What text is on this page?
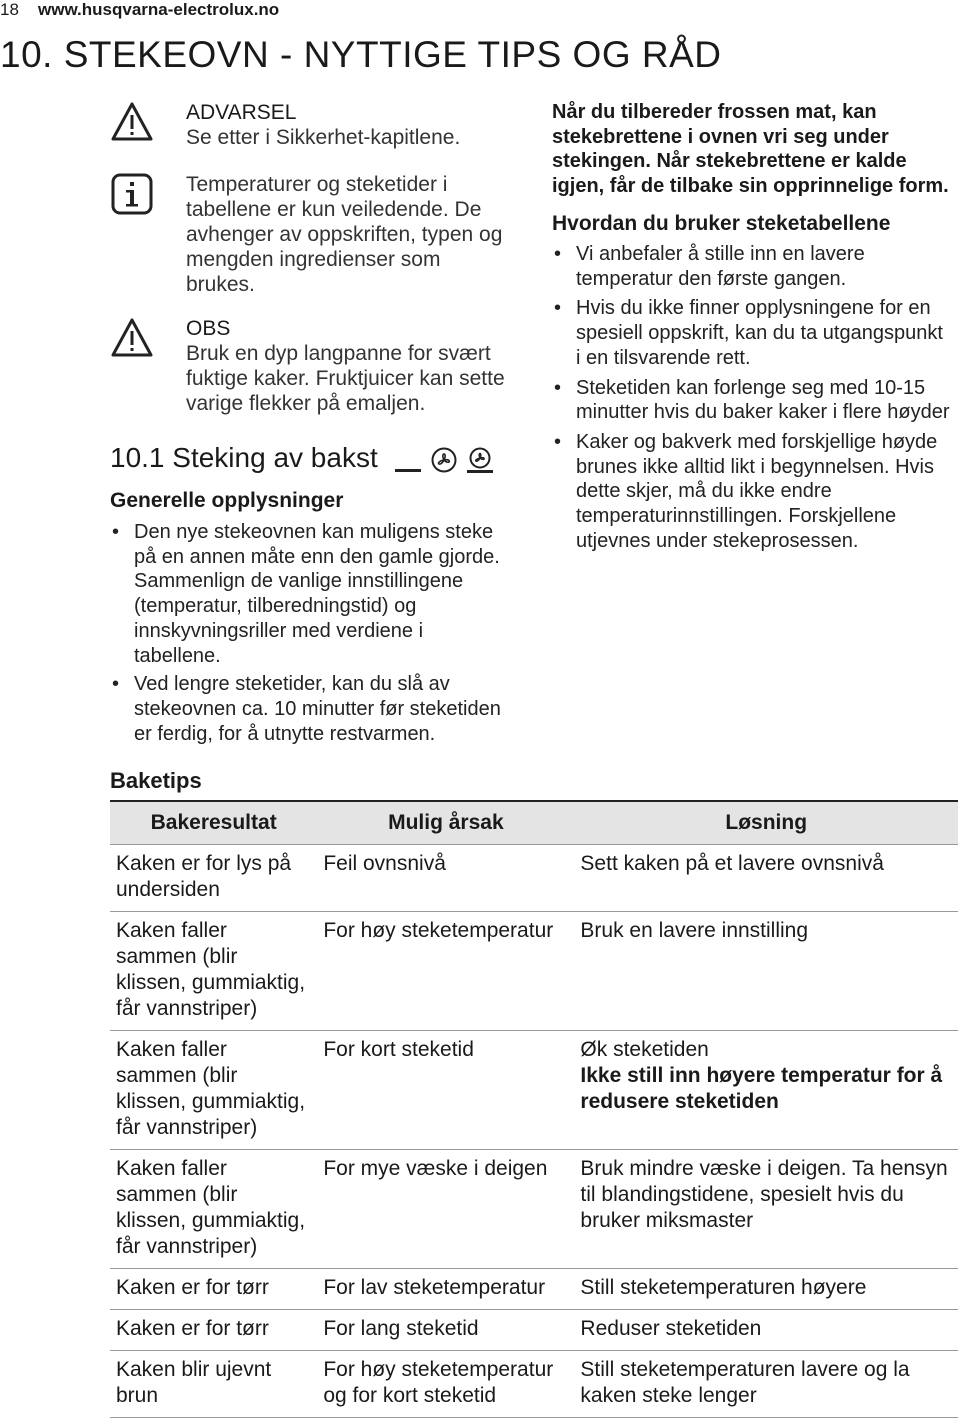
18 www.husqvarna-electrolux.no
10. STEKEOVN - NYTTIGE TIPS OG RÅD
ADVARSEL
Se etter i Sikkerhet-kapitlene.
Temperaturer og steketider i tabellene er kun veiledende. De avhenger av oppskriften, typen og mengden ingredienser som brukes.
OBS
Bruk en dyp langpanne for svært fuktige kaker. Fruktjuicer kan sette varige flekker på emaljen.
10.1 Steking av bakst
Generelle opplysninger
• Den nye stekeovnen kan muligens steke på en annen måte enn den gamle gjorde. Sammenlign de vanlige innstillingene (temperatur, tilberedningstid) og innskyvningsriller med verdiene i tabellene.
• Ved lengre steketider, kan du slå av stekeovnen ca. 10 minutter før steketiden er ferdig, for å utnytte restvarmen.
Når du tilbereder frossen mat, kan stekebrettene i ovnen vri seg under stekingen. Når stekebrettene er kalde igjen, får de tilbake sin opprinnelige form.
Hvordan du bruker steketabellene
• Vi anbefaler å stille inn en lavere temperatur den første gangen.
• Hvis du ikke finner opplysningene for en spesiell oppskrift, kan du ta utgangspunkt i en tilsvarende rett.
• Steketiden kan forlenge seg med 10-15 minutter hvis du baker kaker i flere høyder
• Kaker og bakverk med forskjellige høyde brunes ikke alltid likt i begynnelsen. Hvis dette skjer, må du ikke endre temperaturinnstillingen. Forskjellene utjevnes under stekeprosessen.
Baketips
Bakeresultat	Mulig årsak	Løsning
Kaken er for lys på undersiden	Feil ovnsnivå	Sett kaken på et lavere ovnsnivå
Kaken faller sammen (blir klissen, gummiaktig, får vannstriper)	For høy steketemperatur	Bruk en lavere innstilling
Kaken faller sammen (blir klissen, gummiaktig, får vannstriper)	For kort steketid	Øk steketiden
Ikke still inn høyere temperatur for å redusere steketiden

Kaken faller sammen (blir klissen, gummiaktig, får vannstriper)	For mye væske i deigen	Bruk mindre væske i deigen. Ta hensyn til blandingstidene, spesielt hvis du bruker miksmaster
Kaken er for tørr	For lav steketemperatur	Still steketemperaturen høyere
Kaken er for tørr	For lang steketid	Reduser steketiden
Kaken blir ujevnt brun	For høy steketemperatur og for kort steketid	Still steketemperaturen lavere og la kaken steke lenger
